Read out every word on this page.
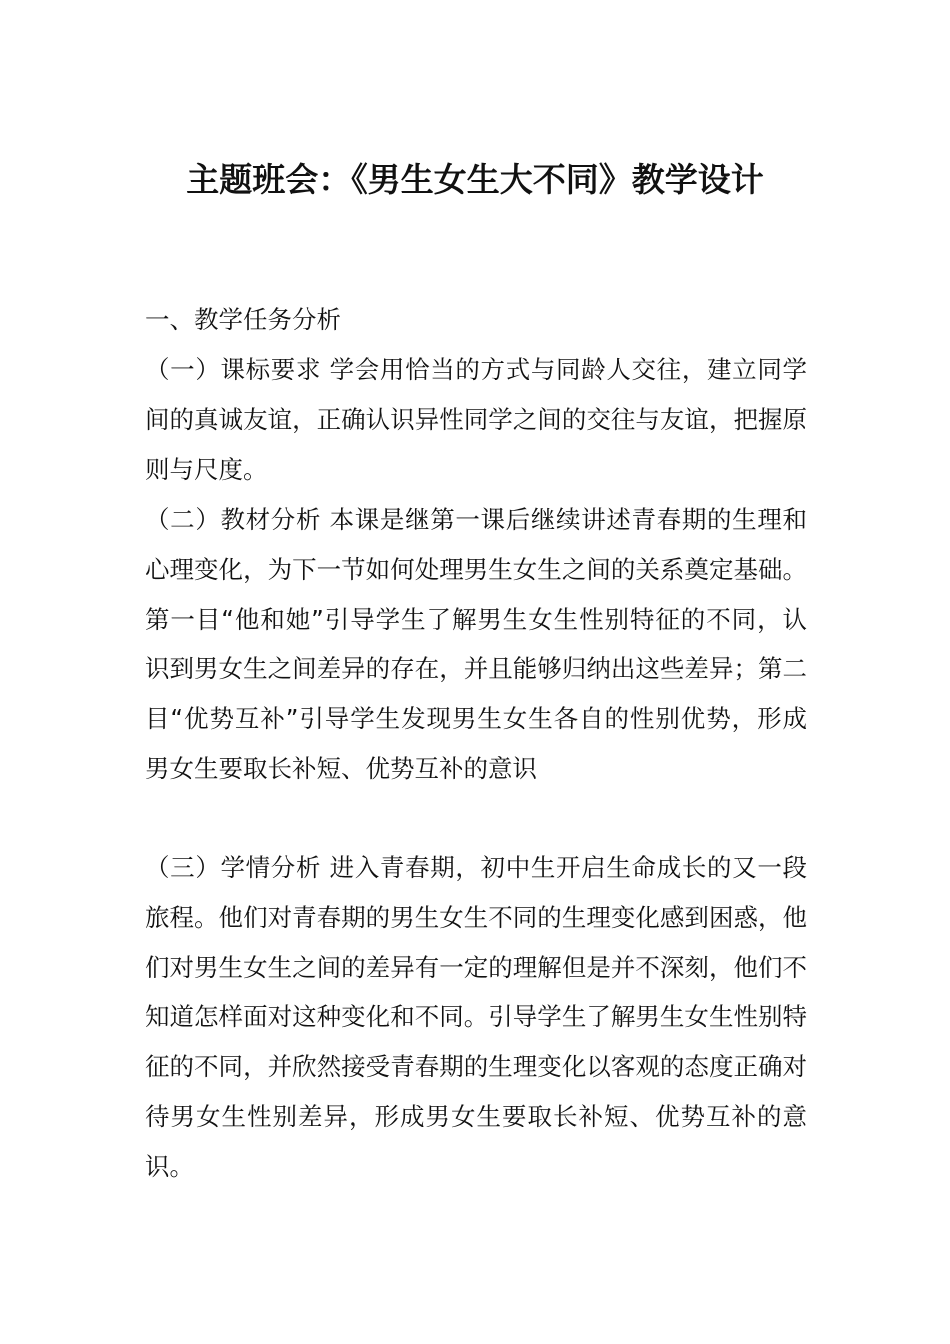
主题班会：《男生女生大不同》教学设计

一、教学任务分析

（一）课标要求 学会用恰当的方式与同龄人交往，建立同学间的真诚友谊，正确认识异性同学之间的交往与友谊，把握原则与尺度。

（二）教材分析 本课是继第一课后继续讲述青春期的生理和心理变化，为下一节如何处理男生女生之间的关系奠定基础。第一目“他和她”引导学生了解男生女生性别特征的不同，认识到男女生之间差异的存在，并且能够归纳出这些差异；第二目“优势互补”引导学生发现男生女生各自的性别优势，形成男女生要取长补短、优势互补的意识

（三）学情分析 进入青春期，初中生开启生命成长的又一段旅程。他们对青春期的男生女生不同的生理变化感到困惑，他们对男生女生之间的差异有一定的理解但是并不深刻，他们不知道怎样面对这种变化和不同。引导学生了解男生女生性别特征的不同，并欣然接受青春期的生理变化以客观的态度正确对待男女生性别差异，形成男女生要取长补短、优势互补的意识。
